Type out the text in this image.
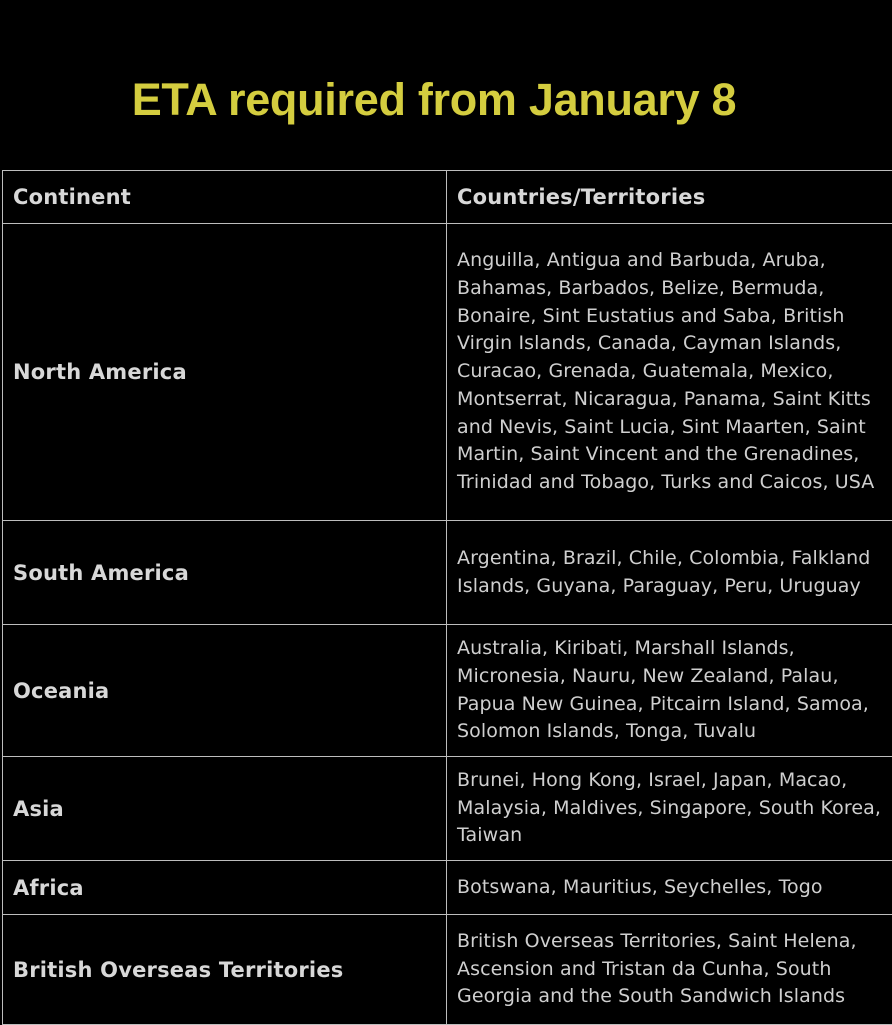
ETA required from January 8
Continent	Countries/Territories
North America	Anguilla, Antigua and Barbuda, Aruba, Bahamas, Barbados, Belize, Bermuda, Bonaire, Sint Eustatius and Saba, British Virgin Islands, Canada, Cayman Islands, Curacao, Grenada, Guatemala, Mexico, Montserrat, Nicaragua, Panama, Saint Kitts and Nevis, Saint Lucia, Sint Maarten, Saint Martin, Saint Vincent and the Grenadines, Trinidad and Tobago, Turks and Caicos, USA
South America	Argentina, Brazil, Chile, Colombia, Falkland Islands, Guyana, Paraguay, Peru, Uruguay
Oceania	Australia, Kiribati, Marshall Islands, Micronesia, Nauru, New Zealand, Palau, Papua New Guinea, Pitcairn Island, Samoa, Solomon Islands, Tonga, Tuvalu
Asia	Brunei, Hong Kong, Israel, Japan, Macao, Malaysia, Maldives, Singapore, South Korea, Taiwan
Africa	Botswana, Mauritius, Seychelles, Togo
British Overseas Territories	British Overseas Territories, Saint Helena, Ascension and Tristan da Cunha, South Georgia and the South Sandwich Islands
